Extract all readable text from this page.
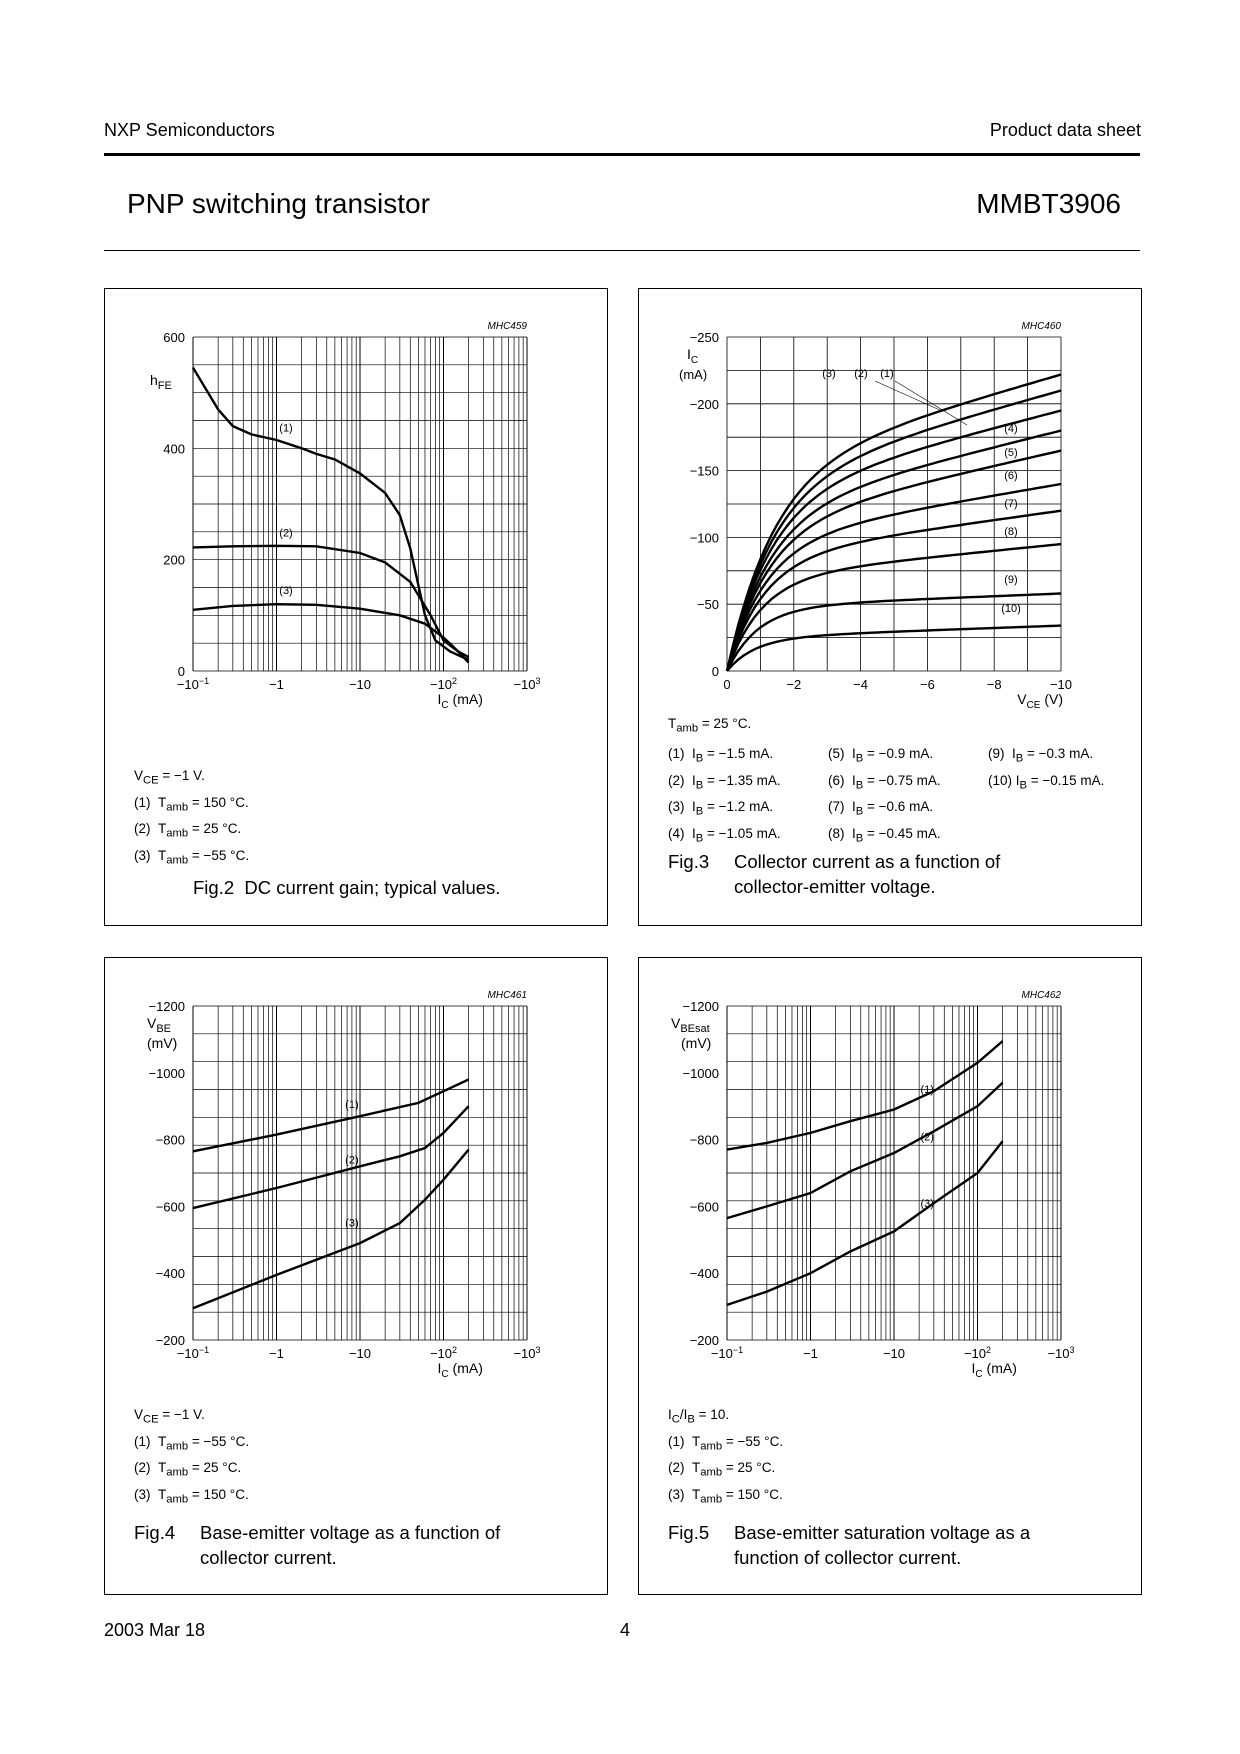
NXP Semiconductors	Product data sheet
PNP switching transistor	MMBT3906
0
200
400
600
$-10^{-1}$	−1	−10	$-10^2$	$-10^3$
$h_{FE}$
$I_C$ (mA)
MHC459
(1)
(2)
(3)
$V_{CE} = -1$ V.
(1)  $T_{amb} = 150$ °C.
(2)  $T_{amb} = 25$ °C.
(3)  $T_{amb} = -55$ °C.
Fig.2 DC current gain; typical values.
0
−50
−100
−150
−200
−250
0	−2	−4	−6	−8	−10
$I_C$
(mA)
$V_{CE}$ (V)
MHC460
(3) (2) (1)
(4)
(5)
(6)
(7)
(8)
(9)
(10)
$T_{amb} = 25$ °C.
(1)  $I_B = -1.5$ mA.	(5)  $I_B = -0.9$ mA.	(9)  $I_B = -0.3$ mA.
(2)  $I_B = -1.35$ mA.	(6)  $I_B = -0.75$ mA.	(10) $I_B = -0.15$ mA.
(3)  $I_B = -1.2$ mA.	(7)  $I_B = -0.6$ mA.

(4)  $I_B = -1.05$ mA.	(8)  $I_B = -0.45$ mA.

Fig.3	Collector current as a function of
collector-emitter voltage.
−200
−400
−600
−800
−1000
−1200
$-10^{-1}$	−1	−10	$-10^2$	$-10^3$
$V_{BE}$
(mV)
$I_C$ (mA)
MHC461
(1)
(2)
(3)
$V_{CE} = -1$ V.
(1)  $T_{amb} = -55$ °C.
(2)  $T_{amb} = 25$ °C.
(3)  $T_{amb} = 150$ °C.
Fig.4	Base-emitter voltage as a function of
collector current.
−200
−400
−600
−800
−1000
−1200
$-10^{-1}$	−1	−10	$-10^2$	$-10^3$
$V_{BEsat}$
(mV)
$I_C$ (mA)
MHC462
(1)
(2)
(3)
$I_C/I_B = 10$.
(1)  $T_{amb} = -55$ °C.
(2)  $T_{amb} = 25$ °C.
(3)  $T_{amb} = 150$ °C.
Fig.5	Base-emitter saturation voltage as a
function of collector current.
2003 Mar 18	4
